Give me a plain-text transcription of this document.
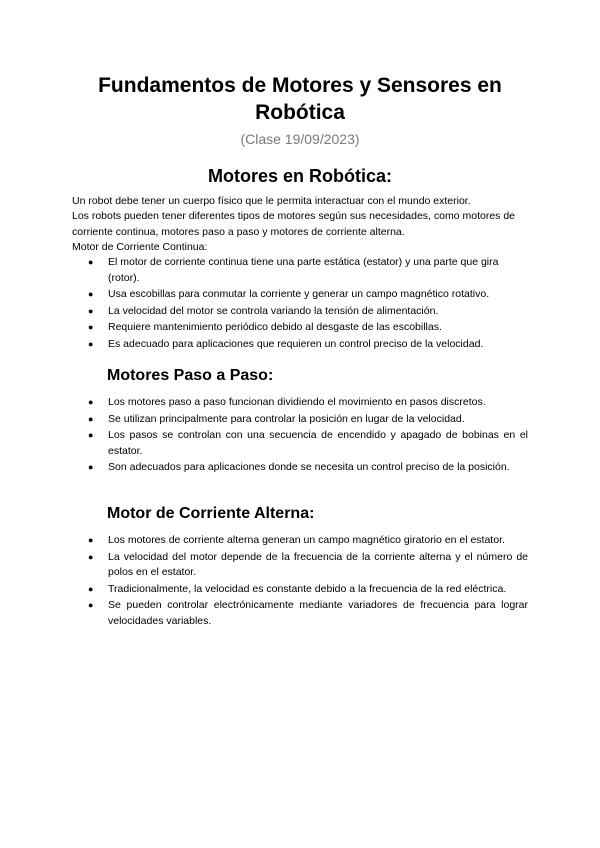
Fundamentos de Motores y Sensores en Robótica

(Clase 19/09/2023)

Motores en Robótica:

Un robot debe tener un cuerpo físico que le permita interactuar con el mundo exterior.

Los robots pueden tener diferentes tipos de motores según sus necesidades, como motores de corriente continua, motores paso a paso y motores de corriente alterna.

Motor de Corriente Continua:

● El motor de corriente continua tiene una parte estática (estator) y una parte que gira (rotor).
● Usa escobillas para conmutar la corriente y generar un campo magnético rotativo.
● La velocidad del motor se controla variando la tensión de alimentación.
● Requiere mantenimiento periódico debido al desgaste de las escobillas.
● Es adecuado para aplicaciones que requieren un control preciso de la velocidad.
Motores Paso a Paso:
● Los motores paso a paso funcionan dividiendo el movimiento en pasos discretos.
● Se utilizan principalmente para controlar la posición en lugar de la velocidad.
● Los pasos se controlan con una secuencia de encendido y apagado de bobinas en el estator.
● Son adecuados para aplicaciones donde se necesita un control preciso de la posición.
Motor de Corriente Alterna:
● Los motores de corriente alterna generan un campo magnético giratorio en el estator.
● La velocidad del motor depende de la frecuencia de la corriente alterna y el número de polos en el estator.
● Tradicionalmente, la velocidad es constante debido a la frecuencia de la red eléctrica.
● Se pueden controlar electrónicamente mediante variadores de frecuencia para lograr velocidades variables.
